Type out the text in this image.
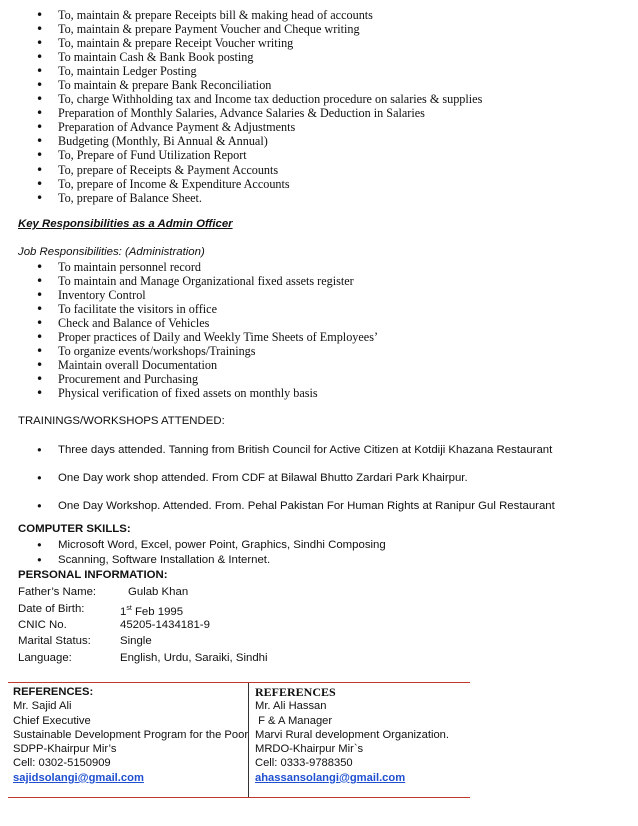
• To, maintain & prepare Receipts bill & making head of accounts
• To, maintain & prepare Payment Voucher and Cheque writing
• To, maintain & prepare Receipt Voucher writing
• To maintain Cash & Bank Book posting
• To, maintain Ledger Posting
• To maintain & prepare Bank Reconciliation
• To, charge Withholding tax and Income tax deduction procedure on salaries & supplies
• Preparation of Monthly Salaries, Advance Salaries & Deduction in Salaries
• Preparation of Advance Payment & Adjustments
• Budgeting (Monthly, Bi Annual & Annual)
• To, Prepare of Fund Utilization Report
• To, prepare of Receipts & Payment Accounts
• To, prepare of Income & Expenditure Accounts
• To, prepare of Balance Sheet.
Key Responsibilities as a Admin Officer
Job Responsibilities: (Administration)
• To maintain personnel record
• To maintain and Manage Organizational fixed assets register
• Inventory Control
• To facilitate the visitors in office
• Check and Balance of Vehicles
• Proper practices of Daily and Weekly Time Sheets of Employees’
• To organize events/workshops/Trainings
• Maintain overall Documentation
• Procurement and Purchasing
• Physical verification of fixed assets on monthly basis
TRAININGS/WORKSHOPS ATTENDED:
• Three days attended. Tanning from British Council for Active Citizen at Kotdiji Khazana Restaurant
• One Day work shop attended. From CDF at Bilawal Bhutto Zardari Park Khairpur.
• One Day Workshop. Attended. From. Pehal Pakistan For Human Rights at Ranipur Gul Restaurant
COMPUTER SKILLS:
• Microsoft Word, Excel, power Point, Graphics, Sindhi Composing
• Scanning, Software Installation & Internet.
PERSONAL INFORMATION:
Father’s Name:	Gulab Khan
Date of Birth:	1st Feb 1995
CNIC No.	45205-1434181-9
Marital Status:	Single
Language:	English, Urdu, Saraiki, Sindhi
REFERENCES:
Mr. Sajid Ali
Chief Executive
Sustainable Development Program for the Poor
SDPP-Khairpur Mir’s
Cell: 0302-5150909
sajidsolangi@gmail.com
REFERENCES
Mr. Ali Hassan
F & A Manager
Marvi Rural development Organization.
MRDO-Khairpur Mir`s
Cell: 0333-9788350
ahassansolangi@gmail.com
